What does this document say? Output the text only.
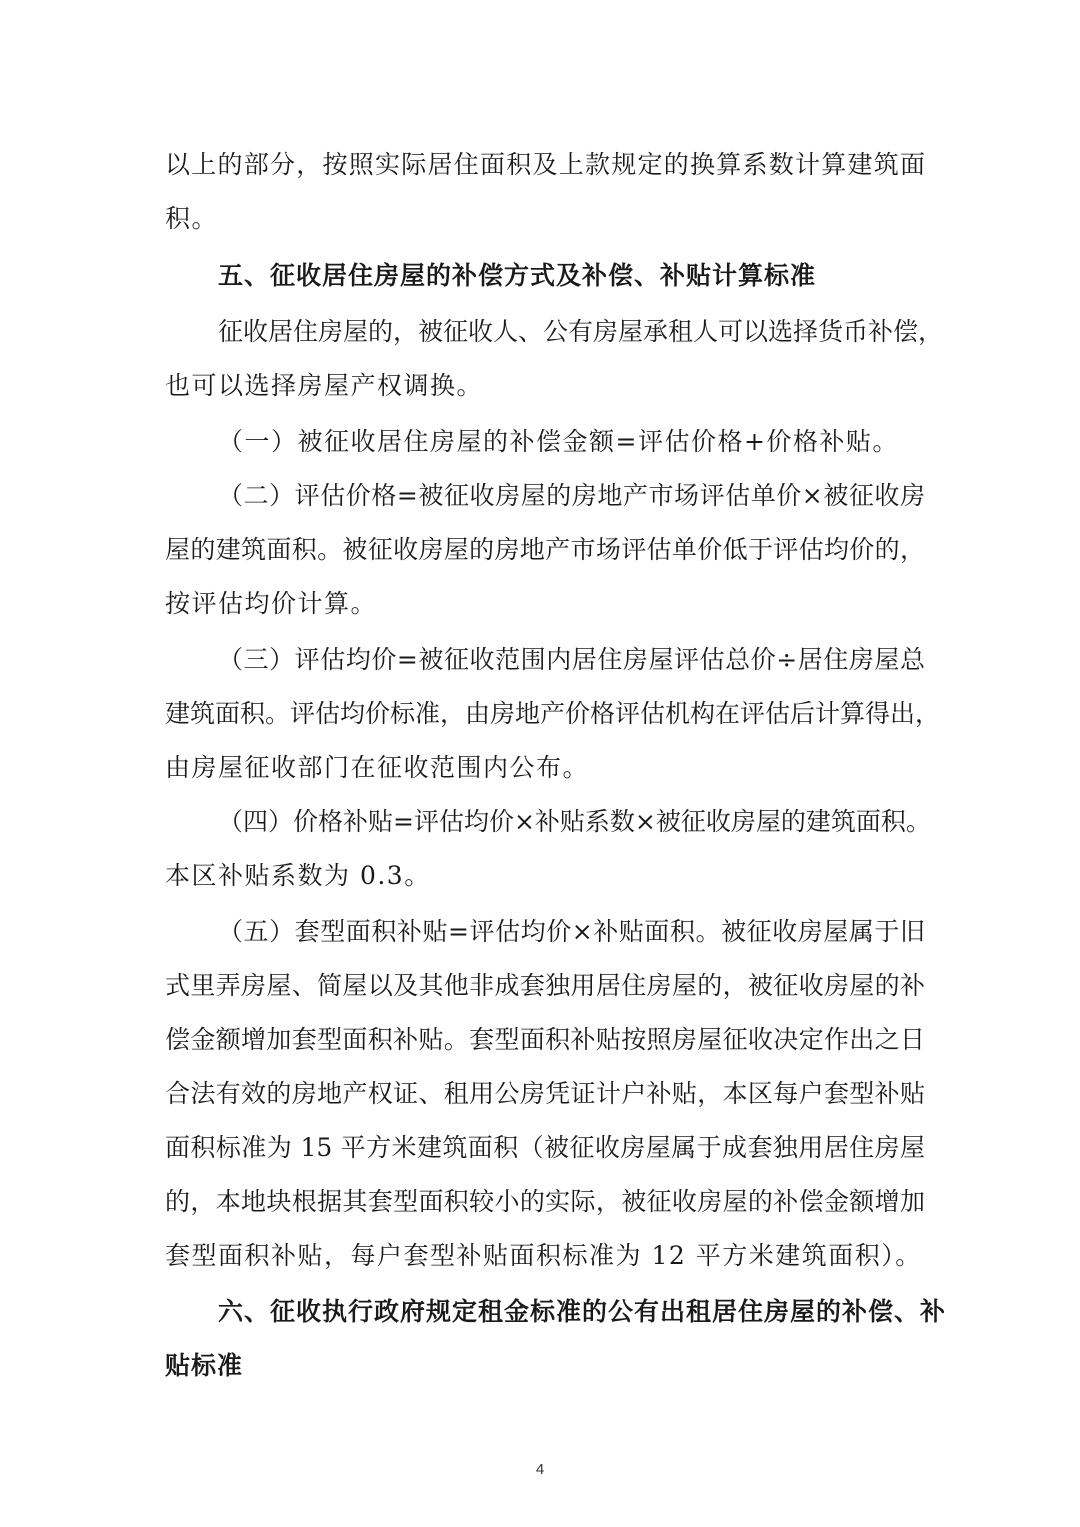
以上的部分，按照实际居住面积及上款规定的换算系数计算建筑面
积。
五、征收居住房屋的补偿方式及补偿、补贴计算标准
征收居住房屋的，被征收人、公有房屋承租人可以选择货币补偿，
也可以选择房屋产权调换。
（一）被征收居住房屋的补偿金额=评估价格+价格补贴。
（二）评估价格=被征收房屋的房地产市场评估单价×被征收房
屋的建筑面积。被征收房屋的房地产市场评估单价低于评估均价的，
按评估均价计算。
（三）评估均价=被征收范围内居住房屋评估总价÷居住房屋总
建筑面积。评估均价标准，由房地产价格评估机构在评估后计算得出，
由房屋征收部门在征收范围内公布。
（四）价格补贴=评估均价×补贴系数×被征收房屋的建筑面积。
本区补贴系数为 0.3。
（五）套型面积补贴=评估均价×补贴面积。被征收房屋属于旧
式里弄房屋、简屋以及其他非成套独用居住房屋的，被征收房屋的补
偿金额增加套型面积补贴。套型面积补贴按照房屋征收决定作出之日
合法有效的房地产权证、租用公房凭证计户补贴，本区每户套型补贴
面积标准为 15 平方米建筑面积（被征收房屋属于成套独用居住房屋
的，本地块根据其套型面积较小的实际，被征收房屋的补偿金额增加
套型面积补贴，每户套型补贴面积标准为 12 平方米建筑面积）。
六、征收执行政府规定租金标准的公有出租居住房屋的补偿、补
贴标准
4
